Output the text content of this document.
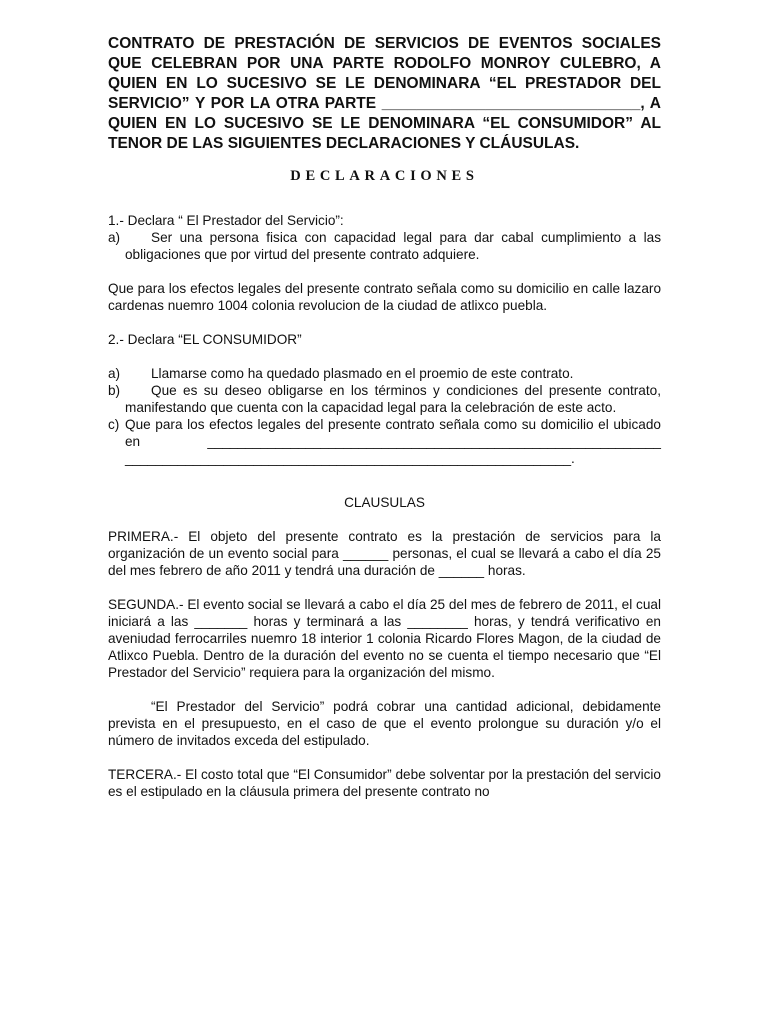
CONTRATO DE PRESTACIÓN DE SERVICIOS DE EVENTOS SOCIALES QUE CELEBRAN POR UNA PARTE RODOLFO MONROY CULEBRO, A QUIEN EN LO SUCESIVO SE LE DENOMINARA “EL PRESTADOR DEL SERVICIO” Y POR LA OTRA PARTE ______________________________, A QUIEN EN LO SUCESIVO SE LE DENOMINARA “EL CONSUMIDOR” AL TENOR DE LAS SIGUIENTES DECLARACIONES Y CLÁUSULAS.

DECLARACIONES

1.- Declara “ El Prestador del Servicio”:

a)	Ser una persona fisica con capacidad legal para dar cabal cumplimiento a las obligaciones que por virtud del presente contrato adquiere.

Que para los efectos legales del presente contrato señala como su domicilio en calle lazaro cardenas nuemro 1004 colonia revolucion de la ciudad de atlixco puebla.

2.- Declara “EL CONSUMIDOR”

a)	Llamarse como ha quedado plasmado en el proemio de este contrato.
b)	Que es su deseo obligarse en los términos y condiciones del presente contrato, manifestando que cuenta con la capacidad legal para la celebración de este acto.
c) Que para los efectos legales del presente contrato señala como su domicilio el ubicado en ____________________________________________________________ ___________________________________________________________.

CLAUSULAS

PRIMERA.- El objeto del presente contrato es la prestación de servicios para la organización de un evento social para ______ personas, el cual se llevará a cabo el día 25 del mes febrero de año 2011 y tendrá una duración de ______ horas.

SEGUNDA.- El evento social se llevará a cabo el día 25 del mes de febrero de 2011, el cual iniciará a las _______ horas y terminará a las ________ horas, y tendrá verificativo en aveniudad ferrocarriles nuemro 18 interior 1 colonia Ricardo Flores Magon, de la ciudad de Atlixco Puebla. Dentro de la duración del evento no se cuenta el tiempo necesario que “El Prestador del Servicio” requiera para la organización del mismo.

“El Prestador del Servicio” podrá cobrar una cantidad adicional, debidamente prevista en el presupuesto, en el caso de que el evento prolongue su duración y/o el número de invitados exceda del estipulado.

TERCERA.- El costo total que “El Consumidor” debe solventar por la prestación del servicio es el estipulado en la cláusula primera del presente contrato no
